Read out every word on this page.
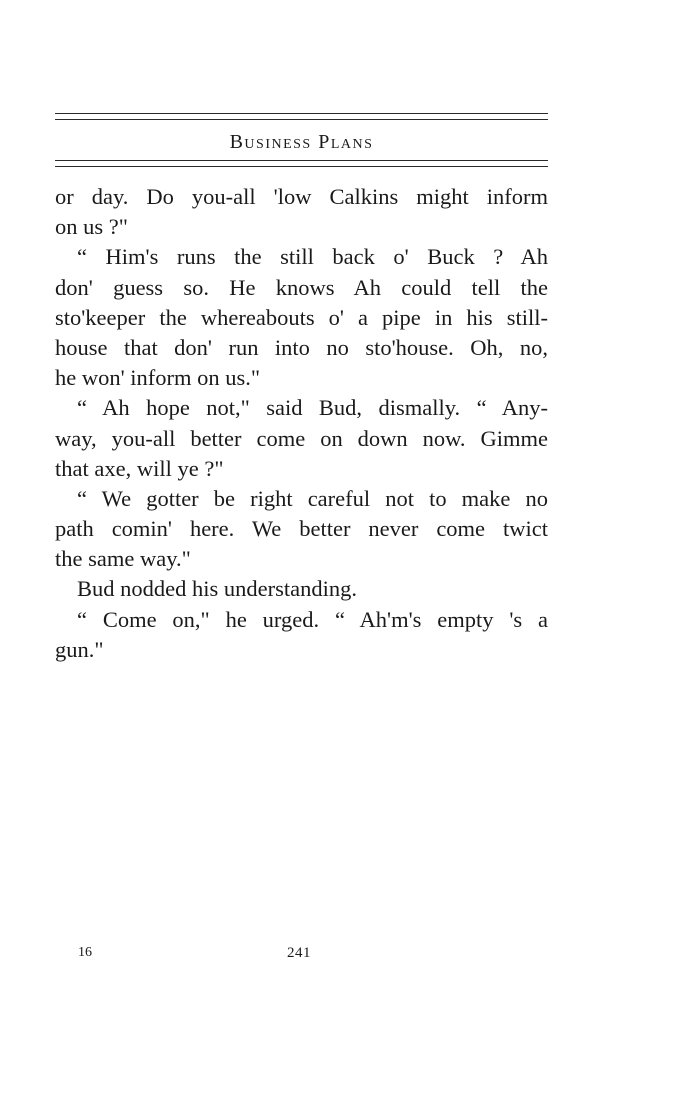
Business Plans
or day. Do you-all 'low Calkins might inform
on us ?"
“ Him's runs the still back o' Buck ? Ah
don' guess so. He knows Ah could tell the
sto'keeper the whereabouts o' a pipe in his still-
house that don' run into no sto'house. Oh, no,
he won' inform on us."
“ Ah hope not," said Bud, dismally. “ Any-
way, you-all better come on down now. Gimme
that axe, will ye ?"
“ We gotter be right careful not to make no
path comin' here. We better never come twict
the same way."
Bud nodded his understanding.
“ Come on," he urged. “ Ah'm's empty 's a
gun."
16	241
